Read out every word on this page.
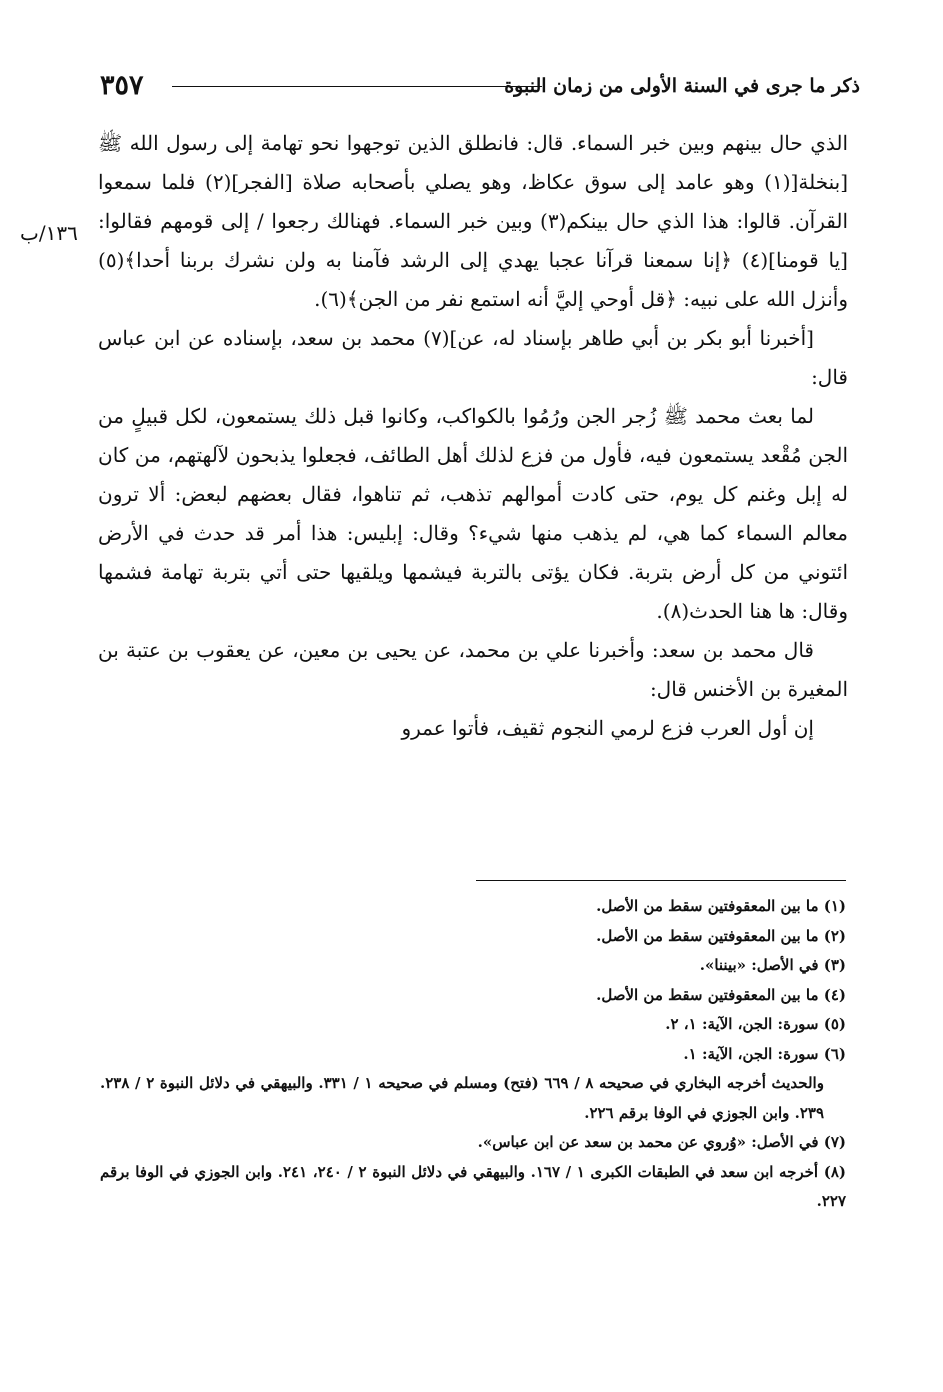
٣٥٧	ذكر ما جرى في السنة الأولى من زمان النبوة
١٣٦/ب

الذي حال بينهم وبين خبر السماء. قال: فانطلق الذين توجهوا نحو تهامة إلى رسول الله ﷺ [بنخلة[(١) وهو عامد إلى سوق عكاظ، وهو يصلي بأصحابه صلاة [الفجر](٢) فلما سمعوا القرآن. قالوا: هذا الذي حال بينكم(٣) وبين خبر السماء. فهنالك رجعوا / إلى قومهم فقالوا: [يا قومنا](٤) ﴿إنا سمعنا قرآنا عجبا يهدي إلى الرشد فآمنا به ولن نشرك بربنا أحدا﴾(٥) وأنزل الله على نبيه: ﴿قل أوحي إليَّ أنه استمع نفر من الجن﴾(٦).

[أخبرنا أبو بكر بن أبي طاهر بإسناد له، عن](٧) محمد بن سعد، بإسناده عن ابن عباس قال:

لما بعث محمد ﷺ زُجر الجن ورُمُوا بالكواكب، وكانوا قبل ذلك يستمعون، لكل قبيلٍ من الجن مُقْعد يستمعون فيه، فأول من فزع لذلك أهل الطائف، فجعلوا يذبحون لآلهتهم، من كان له إبل وغنم كل يوم، حتى كادت أموالهم تذهب، ثم تناهوا، فقال بعضهم لبعض: ألا ترون معالم السماء كما هي، لم يذهب منها شيء؟ وقال: إبليس: هذا أمر قد حدث في الأرض ائتوني من كل أرض بتربة. فكان يؤتى بالتربة فيشمها ويلقيها حتى أتي بتربة تهامة فشمها وقال: ها هنا الحدث(٨).

قال محمد بن سعد: وأخبرنا علي بن محمد، عن يحيى بن معين، عن يعقوب بن عتبة بن المغيرة بن الأخنس قال:

إن أول العرب فزع لرمي النجوم ثقيف، فأتوا عمرو

(١) ما بين المعقوفتين سقط من الأصل.

(٢) ما بين المعقوفتين سقط من الأصل.

(٣) في الأصل: «بيننا».

(٤) ما بين المعقوفتين سقط من الأصل.

(٥) سورة: الجن، الآية: ١، ٢.

(٦) سورة: الجن، الآية: ١.

والحديث أخرجه البخاري في صحيحه ٨ / ٦٦٩ (فتح) ومسلم في صحيحه ١ / ٣٣١. والبيهقي في دلائل النبوة ٢ / ٢٣٨. ٢٣٩. وابن الجوزي في الوفا برقم ٢٢٦.

(٧) في الأصل: «وُروي عن محمد بن سعد عن ابن عباس».

(٨) أخرجه ابن سعد في الطبقات الكبرى ١ / ١٦٧. والبيهقي في دلائل النبوة ٢ / ٢٤٠، ٢٤١. وابن الجوزي في الوفا برقم ٢٢٧.
